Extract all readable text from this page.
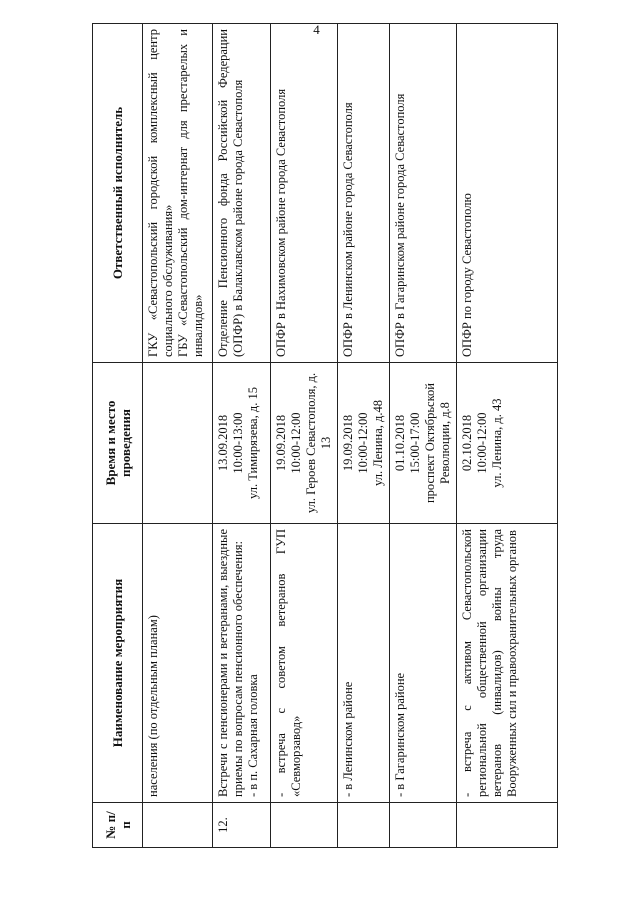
4
№ п/п	Наименование мероприятия	Время и место проведения	Ответственный исполнитель

	населения (по отдельным планам)		ГКУ «Севастопольский городской комплексный центр социального обслуживания» ГБУ «Севастопольский дом-интернат для престарелых и инвалидов»

12.	Встречи с пенсионерами и ветеранами, выездные приемы по вопросам пенсионного обеспечения: - в п. Сахарная головка	13.09.2018 10:00-13:00 ул. Тимирязева, д. 15	Отделение Пенсионного фонда Российской Федерации (ОПФР) в Балаклавском районе города Севастополя

	- встреча с советом ветеранов ГУП «Севморзавод»	19.09.2018 10:00-12:00 ул. Героев Севастополя, д. 13	ОПФР в Нахимовском районе города Севастополя

	- в Ленинском районе	19.09.2018 10:00-12:00 ул. Ленина, д.48	ОПФР в Ленинском районе города Севастополя

	- в Гагаринском районе	01.10.2018 15:00-17:00 проспект Октябрьской Революции, д.8	ОПФР в Гагаринском районе города Севастополя

	- встреча с активом Севастопольской региональной общественной организации ветеранов (инвалидов) войны труда Вооруженных сил и правоохранительных органов	02.10.2018 10:00-12:00 ул. Ленина, д. 43	ОПФР по городу Севастополю
